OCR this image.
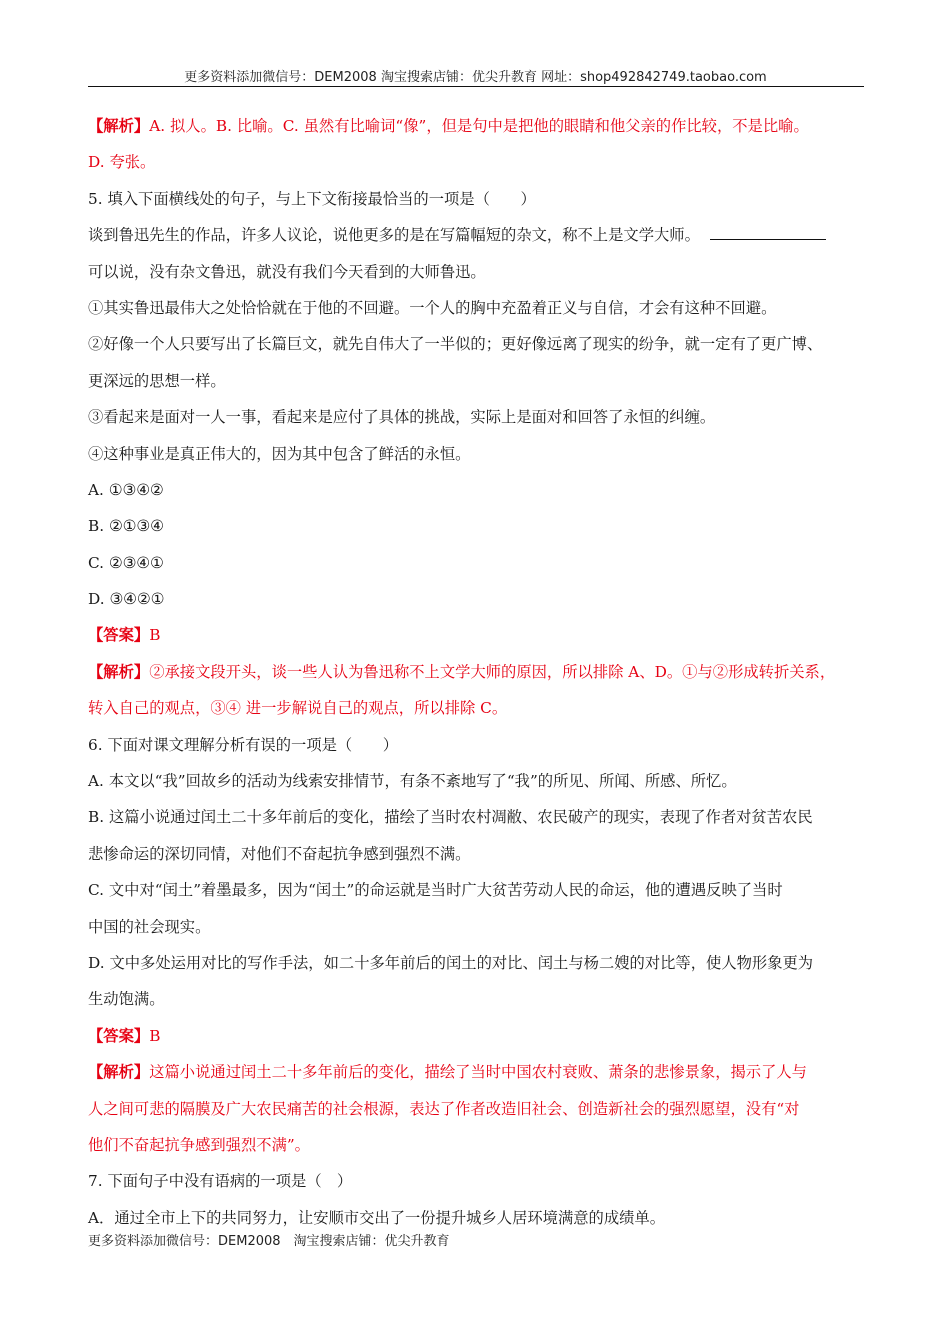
更多资料添加微信号：DEM2008 淘宝搜索店铺：优尖升教育 网址：shop492842749.taobao.com
【解析】A. 拟人。B. 比喻。C. 虽然有比喻词“像”，但是句中是把他的眼睛和他父亲的作比较，不是比喻。
D. 夸张。
5. 填入下面横线处的句子，与上下文衔接最恰当的一项是（　　）
谈到鲁迅先生的作品，许多人议论，说他更多的是在写篇幅短的杂文，称不上是文学大师。
可以说，没有杂文鲁迅，就没有我们今天看到的大师鲁迅。
①其实鲁迅最伟大之处恰恰就在于他的不回避。一个人的胸中充盈着正义与自信，才会有这种不回避。
②好像一个人只要写出了长篇巨文，就先自伟大了一半似的；更好像远离了现实的纷争，就一定有了更广博、
更深远的思想一样。
③看起来是面对一人一事，看起来是应付了具体的挑战，实际上是面对和回答了永恒的纠缠。
④这种事业是真正伟大的，因为其中包含了鲜活的永恒。
A. ①③④②
B. ②①③④
C. ②③④①
D. ③④②①
【答案】B
【解析】②承接文段开头，谈一些人认为鲁迅称不上文学大师的原因，所以排除 A、D。①与②形成转折关系，
转入自己的观点，③④ 进一步解说自己的观点，所以排除 C。
6. 下面对课文理解分析有误的一项是（　　）
A. 本文以“我”回故乡的活动为线索安排情节，有条不紊地写了“我”的所见、所闻、所感、所忆。
B. 这篇小说通过闰土二十多年前后的变化，描绘了当时农村凋敝、农民破产的现实，表现了作者对贫苦农民
悲惨命运的深切同情，对他们不奋起抗争感到强烈不满。
C. 文中对“闰土”着墨最多，因为“闰土”的命运就是当时广大贫苦劳动人民的命运，他的遭遇反映了当时
中国的社会现实。
D. 文中多处运用对比的写作手法，如二十多年前后的闰土的对比、闰土与杨二嫂的对比等，使人物形象更为
生动饱满。
【答案】B
【解析】这篇小说通过闰土二十多年前后的变化，描绘了当时中国农村衰败、萧条的悲惨景象，揭示了人与
人之间可悲的隔膜及广大农民痛苦的社会根源，表达了作者改造旧社会、创造新社会的强烈愿望，没有“对
他们不奋起抗争感到强烈不满”。
7. 下面句子中没有语病的一项是（　）
A．通过全市上下的共同努力，让安顺市交出了一份提升城乡人居环境满意的成绩单。
更多资料添加微信号：DEM2008　淘宝搜索店铺：优尖升教育
